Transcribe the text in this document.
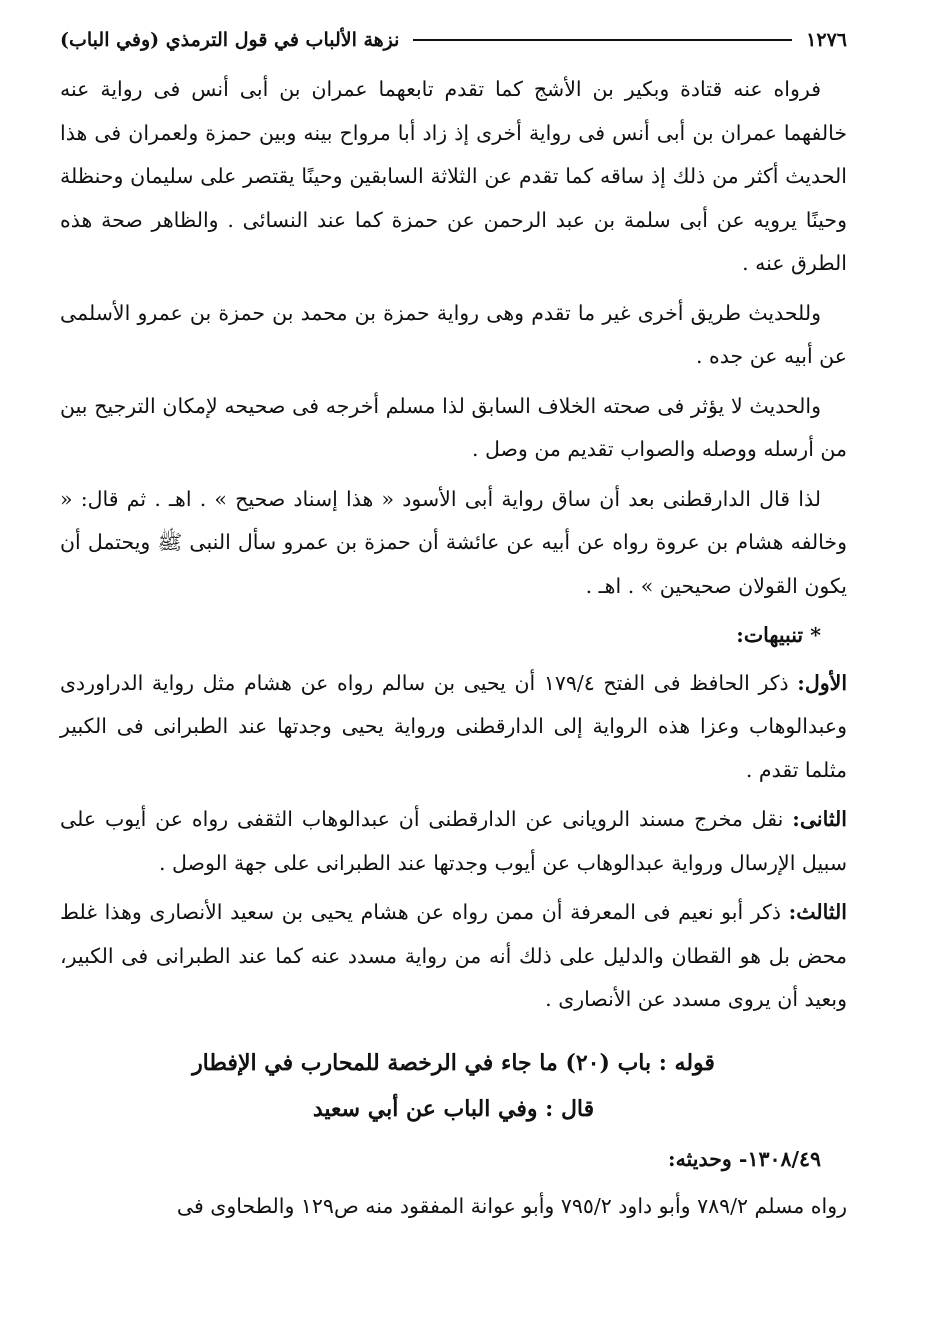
١٢٧٦
نزهة الألباب في قول الترمذي (وفي الباب)

فرواه عنه قتادة وبكير بن الأشج كما تقدم تابعهما عمران بن أبى أنس فى رواية عنه خالفهما عمران بن أبى أنس فى رواية أخرى إذ زاد أبا مرواح بينه وبين حمزة ولعمران فى هذا الحديث أكثر من ذلك إذ ساقه كما تقدم عن الثلاثة السابقين وحينًا يقتصر على سليمان وحنظلة وحينًا يرويه عن أبى سلمة بن عبد الرحمن عن حمزة كما عند النسائى . والظاهر صحة هذه الطرق عنه .

وللحديث طريق أخرى غير ما تقدم وهى رواية حمزة بن محمد بن حمزة بن عمرو الأسلمى عن أبيه عن جده .

والحديث لا يؤثر فى صحته الخلاف السابق لذا مسلم أخرجه فى صحيحه لإمكان الترجيح بين من أرسله ووصله والصواب تقديم من وصل .

لذا قال الدارقطنى بعد أن ساق رواية أبى الأسود « هذا إسناد صحيح » . اهـ . ثم قال: « وخالفه هشام بن عروة رواه عن أبيه عن عائشة أن حمزة بن عمرو سأل النبى ﷺ ويحتمل أن يكون القولان صحيحين » . اهـ .

* تنبيهات:

الأول: ذكر الحافظ فى الفتح ١٧٩/٤ أن يحيى بن سالم رواه عن هشام مثل رواية الدراوردى وعبدالوهاب وعزا هذه الرواية إلى الدارقطنى ورواية يحيى وجدتها عند الطبرانى فى الكبير مثلما تقدم .

الثانى: نقل مخرج مسند الرويانى عن الدارقطنى أن عبدالوهاب الثقفى رواه عن أيوب على سبيل الإرسال ورواية عبدالوهاب عن أيوب وجدتها عند الطبرانى على جهة الوصل .

الثالث: ذكر أبو نعيم فى المعرفة أن ممن رواه عن هشام يحيى بن سعيد الأنصارى وهذا غلط محض بل هو القطان والدليل على ذلك أنه من رواية مسدد عنه كما عند الطبرانى فى الكبير، وبعيد أن يروى مسدد عن الأنصارى .

قوله : باب (٢٠) ما جاء في الرخصة للمحارب في الإفطار
قال : وفي الباب عن أبي سعيد

١٣٠٨/٤٩- وحديثه:

رواه مسلم ٧٨٩/٢ وأبو داود ٧٩٥/٢ وأبو عوانة المفقود منه ص١٢٩ والطحاوى فى
